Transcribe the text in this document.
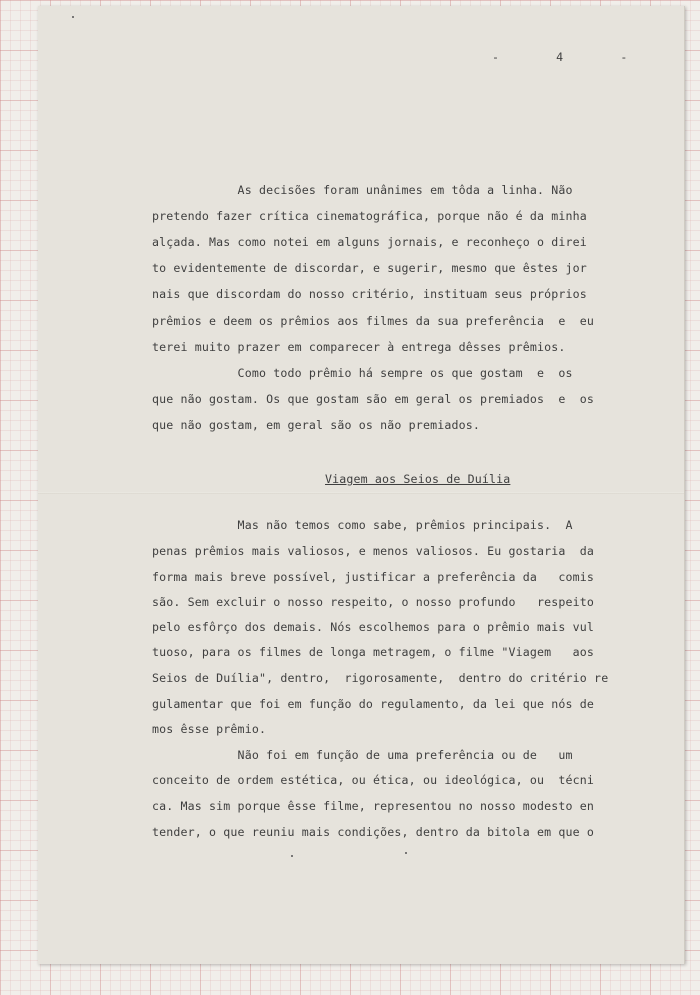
-        4        -
As decisões foram unânimes em tôda a linha. Não
pretendo fazer crítica cinematográfica, porque não é da minha
alçada. Mas como notei em alguns jornais, e reconheço o direi
to evidentemente de discordar, e sugerir, mesmo que êstes jor
nais que discordam do nosso critério, instituam seus próprios
prêmios e deem os prêmios aos filmes da sua preferência  e  eu
terei muito prazer em comparecer à entrega dêsses prêmios.
Como todo prêmio há sempre os que gostam  e  os
que não gostam. Os que gostam são em geral os premiados  e  os
que não gostam, em geral são os não premiados.
Viagem aos Seios de Duília
Mas não temos como sabe, prêmios principais.  A
penas prêmios mais valiosos, e menos valiosos. Eu gostaria  da
forma mais breve possível, justificar a preferência da   comis
são. Sem excluir o nosso respeito, o nosso profundo   respeito
pelo esfôrço dos demais. Nós escolhemos para o prêmio mais vul
tuoso, para os filmes de longa metragem, o filme "Viagem   aos
Seios de Duília", dentro,  rigorosamente,  dentro do critério re
gulamentar que foi em função do regulamento, da lei que nós de
mos êsse prêmio.
Não foi em função de uma preferência ou de   um
conceito de ordem estética, ou ética, ou ideológica, ou  técni
ca. Mas sim porque êsse filme, representou no nosso modesto en
tender, o que reuniu mais condições, dentro da bitola em que o
